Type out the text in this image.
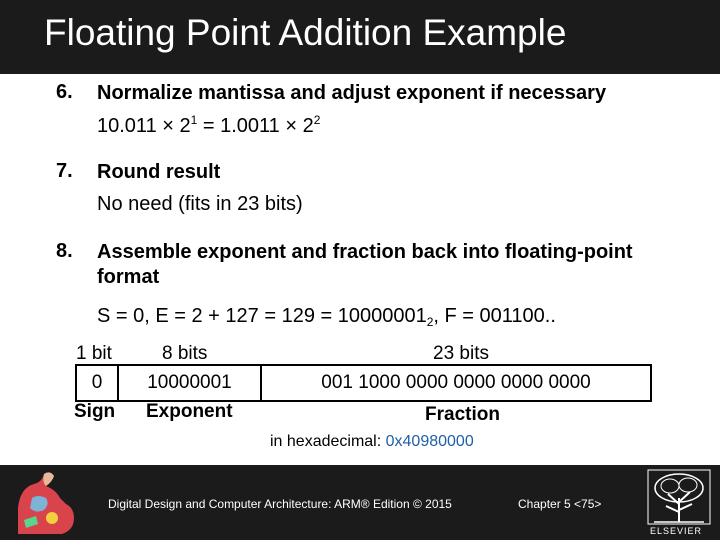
Floating Point Addition Example
6. Normalize mantissa and adjust exponent if necessary
$10.011 \times 2^1 = 1.0011 \times 2^2$
7. Round result
No need (fits in 23 bits)
8. Assemble exponent and fraction back into floating-point format
S = 0, $E = 2 + 127 = 129 = 10000001_2$, F = 001100..
1 bit	8 bits	23 bits
0	10000001	001 1000 0000 0000 0000 0000
Sign Exponent	Fraction
in hexadecimal: 0x40980000
Digital Design and Computer Architecture: ARM® Edition © 2015	Chapter 5 <75>
ELSEVIER
